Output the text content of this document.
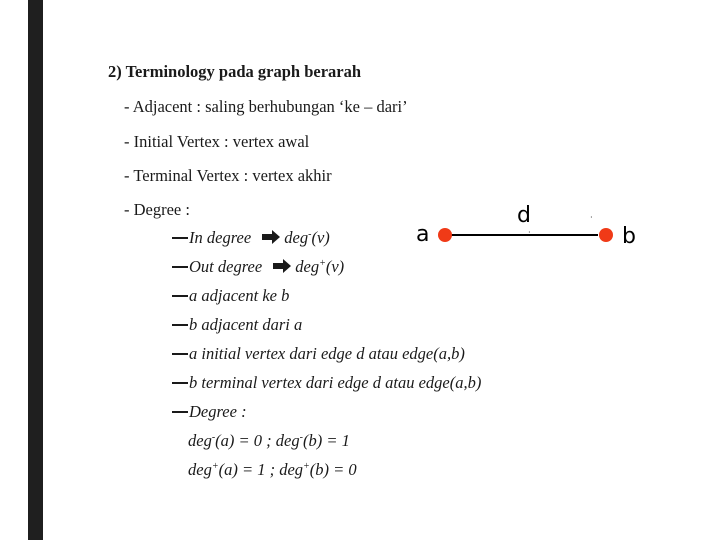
2) Terminology pada graph berarah
- Adjacent : saling berhubungan ‘ke – dari’
- Initial Vertex : vertex awal
- Terminal Vertex : vertex akhir
- Degree :
In degree deg-(v)
Out degree deg+(v)
a adjacent ke b
b adjacent dari a
a initial vertex dari edge d atau edge(a,b)
b terminal vertex dari edge d atau edge(a,b)
Degree :
deg-(a) = 0 ; deg-(b) = 1
deg+(a) = 1 ; deg+(b) = 0
a
d
b
·
·
